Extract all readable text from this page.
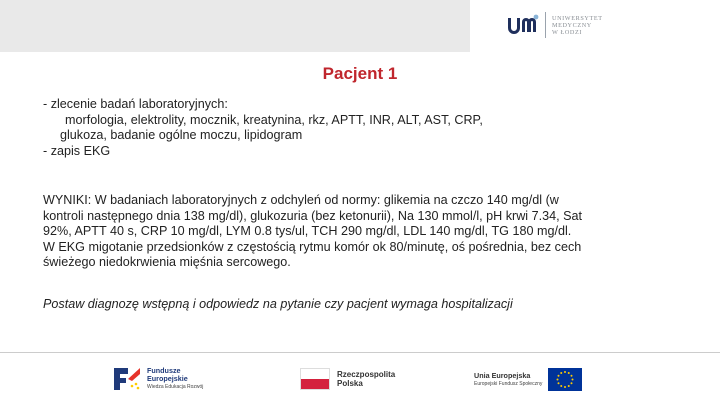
UNIWERSYTET
MEDYCZNY
W ŁODZI
Pacjent 1
- zlecenie badań laboratoryjnych:
morfologia, elektrolity, mocznik, kreatynina, rkz, APTT, INR, ALT, AST, CRP,
glukoza, badanie ogólne moczu, lipidogram
- zapis EKG
WYNIKI: W badaniach laboratoryjnych z odchyleń od normy: glikemia na czczo 140 mg/dl (w
kontroli następnego dnia 138 mg/dl), glukozuria (bez ketonurii), Na 130 mmol/l, pH krwi 7.34, Sat
92%, APTT 40 s, CRP 10 mg/dl, LYM 0.8 tys/ul, TCH 290 mg/dl, LDL 140 mg/dl, TG 180 mg/dl.
W EKG migotanie przedsionków z częstością rytmu komór ok 80/minutę, oś pośrednia, bez cech
świeżego niedokrwienia mięśnia sercowego.
Postaw diagnozę wstępną i odpowiedz na pytanie czy pacjent wymaga hospitalizacji
Fundusze
Europejskie
Wiedza Edukacja Rozwój
Rzeczpospolita
Polska
Unia Europejska
Europejski Fundusz Społeczny
